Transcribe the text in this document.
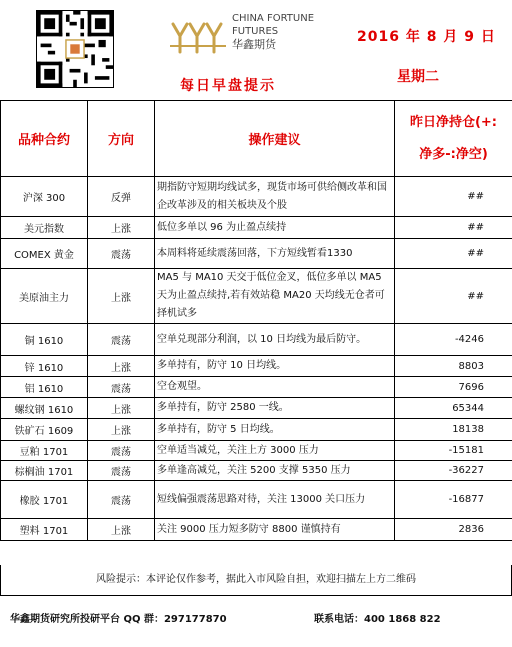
CHINA FORTUNE
FUTURES
华鑫期货	2016 年 8 月 9 日
星期二
每日早盘提示
品种合约	方向	操作建议	昨日净持仓(+:
净多-:净空)

沪深 300	反弹	期指防守短期均线试多，现货市场可供给侧改革和国企改革涉及的相关板块及个股	##
美元指数	上涨	低位多单以 96 为止盈点续持	##
COMEX 黄金	震荡	本周料将延续震荡回落，下方短线暂看1330	##
美原油主力	上涨	MA5 与 MA10 天交于低位金叉，低位多单以 MA5 天为止盈点续持,若有效站稳 MA20 天均线无仓者可择机试多	##
铜 1610	震荡	空单兑现部分利润，以 10 日均线为最后防守。	-4246
锌 1610	上涨	多单持有，防守 10 日均线。	8803
铝 1610	震荡	空仓观望。	7696
螺纹钢 1610	上涨	多单持有，防守 2580 一线。	65344
铁矿石 1609	上涨	多单持有，防守 5 日均线。	18138
豆粕 1701	震荡	空单适当减兑，关注上方 3000 压力	-15181
棕榈油 1701	震荡	多单逢高减兑，关注 5200 支撑 5350 压力	-36227
橡胶 1701	震荡	短线偏强震荡思路对待，关注 13000 关口压力	-16877
塑料 1701	上涨	关注 9000 压力短多防守 8800 谨慎持有	2836
风险提示：本评论仅作参考，据此入市风险自担，欢迎扫描左上方二维码
华鑫期货研究所投研平台 QQ 群：297177870	联系电话：400 1868 822
